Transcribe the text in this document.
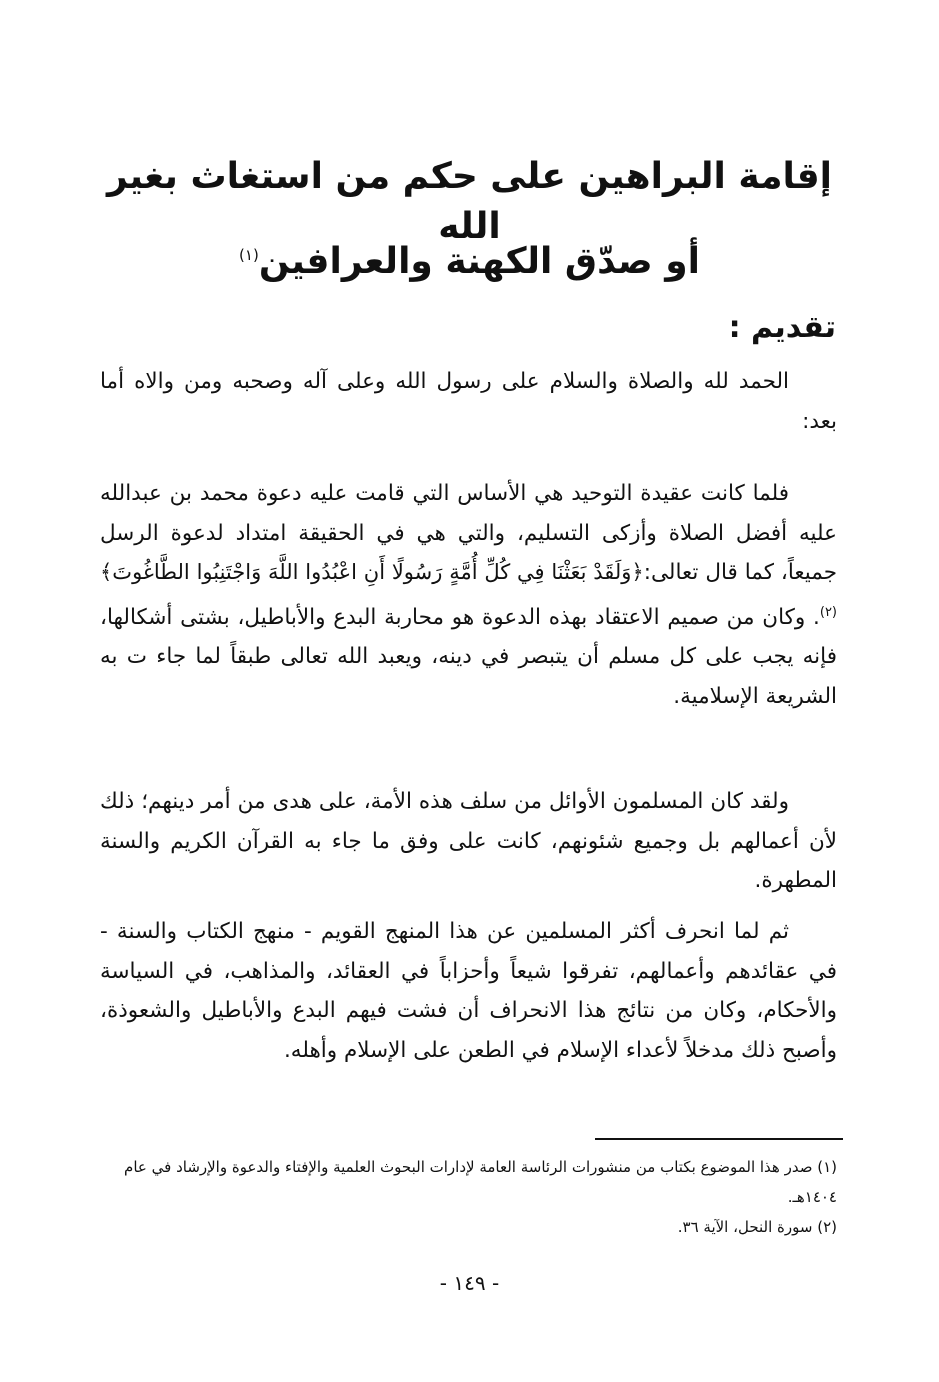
إقامة البراهين على حكم من استغاث بغير الله
أو صدّق الكهنة والعرافين$^{(١)}$
تقديم :

الحمد لله والصلاة والسلام على رسول الله وعلى آله وصحبه ومن والاه أما بعد:

فلما كانت عقيدة التوحيد هي الأساس التي قامت عليه دعوة محمد بن عبدالله عليه أفضل الصلاة وأزكى التسليم، والتي هي في الحقيقة امتداد لدعوة الرسل جميعاً، كما قال تعالى:﴿وَلَقَدْ بَعَثْنَا فِي كُلِّ أُمَّةٍ رَسُولًا أَنِ اعْبُدُوا اللَّهَ وَاجْتَنِبُوا الطَّاغُوتَ﴾$^{(٢)}$. وكان من صميم الاعتقاد بهذه الدعوة هو محاربة البدع والأباطيل، بشتى أشكالها، فإنه يجب على كل مسلم أن يتبصر في دينه، ويعبد الله تعالى طبقاً لما جاء ت به الشريعة الإسلامية.

ولقد كان المسلمون الأوائل من سلف هذه الأمة، على هدى من أمر دينهم؛ ذلك لأن أعمالهم بل وجميع شئونهم، كانت على وفق ما جاء به القرآن الكريم والسنة المطهرة.

ثم لما انحرف أكثر المسلمين عن هذا المنهج القويم - منهج الكتاب والسنة - في عقائدهم وأعمالهم، تفرقوا شيعاً وأحزاباً في العقائد، والمذاهب، في السياسة والأحكام، وكان من نتائج هذا الانحراف أن فشت فيهم البدع والأباطيل والشعوذة، وأصبح ذلك مدخلاً لأعداء الإسلام في الطعن على الإسلام وأهله.

(١) صدر هذا الموضوع بكتاب من منشورات الرئاسة العامة لإدارات البحوث العلمية والإفتاء والدعوة والإرشاد في عام ١٤٠٤هـ.
(٢) سورة النحل، الآية ٣٦.
- ١٤٩ -
